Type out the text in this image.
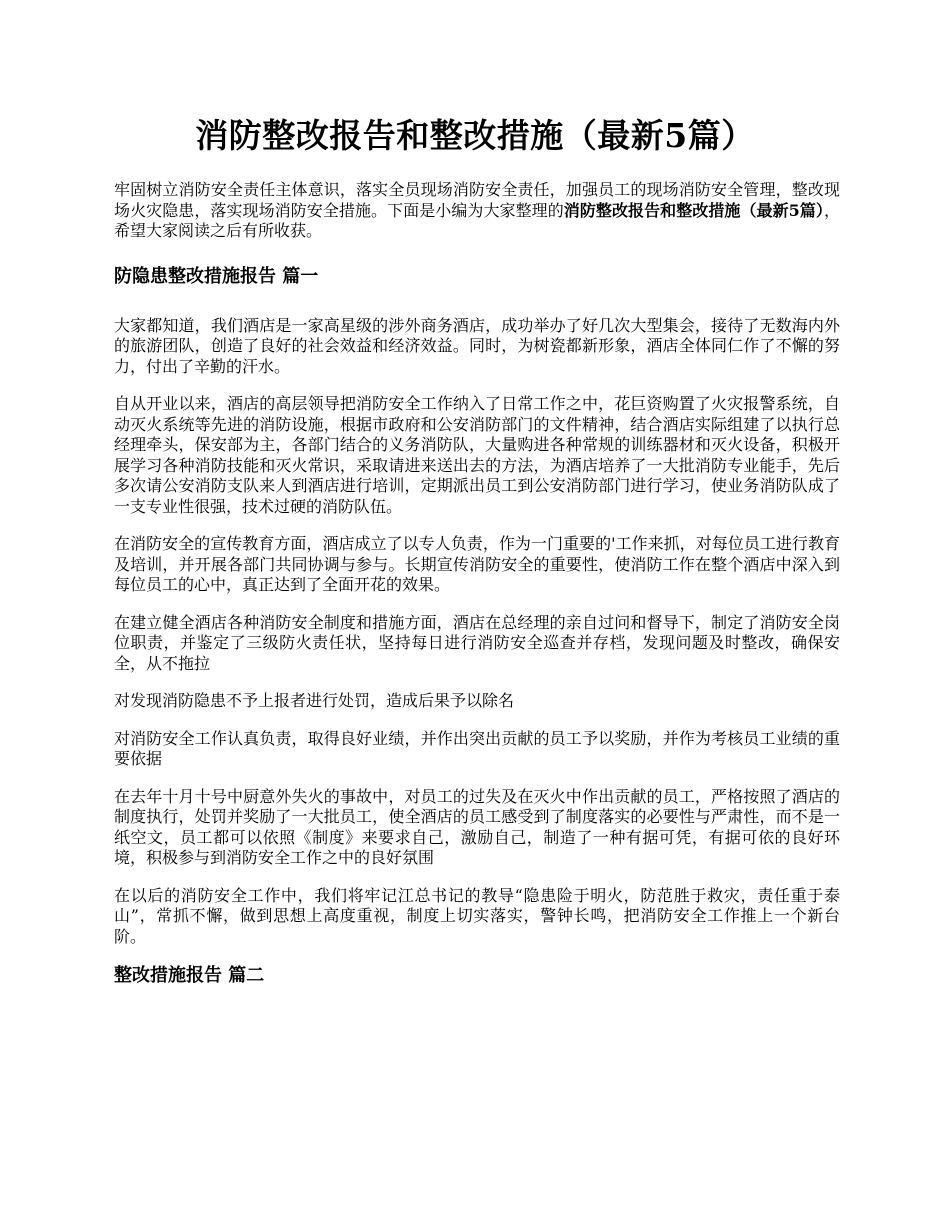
消防整改报告和整改措施（最新5篇）

牢固树立消防安全责任主体意识，落实全员现场消防安全责任，加强员工的现场消防安全管理，整改现场火灾隐患，落实现场消防安全措施。下面是小编为大家整理的消防整改报告和整改措施（最新5篇），希望大家阅读之后有所收获。

防隐患整改措施报告 篇一

大家都知道，我们酒店是一家高星级的涉外商务酒店，成功举办了好几次大型集会，接待了无数海内外的旅游团队，创造了良好的社会效益和经济效益。同时，为树瓷都新形象，酒店全体同仁作了不懈的努力，付出了辛勤的汗水。

自从开业以来，酒店的高层领导把消防安全工作纳入了日常工作之中，花巨资购置了火灾报警系统，自动灭火系统等先进的消防设施，根据市政府和公安消防部门的文件精神，结合酒店实际组建了以执行总经理牵头，保安部为主，各部门结合的义务消防队，大量购进各种常规的训练器材和灭火设备，积极开展学习各种消防技能和灭火常识，采取请进来送出去的方法，为酒店培养了一大批消防专业能手，先后多次请公安消防支队来人到酒店进行培训，定期派出员工到公安消防部门进行学习，使业务消防队成了一支专业性很强，技术过硬的消防队伍。

在消防安全的宣传教育方面，酒店成立了以专人负责，作为一门重要的'工作来抓，对每位员工进行教育及培训，并开展各部门共同协调与参与。长期宣传消防安全的重要性，使消防工作在整个酒店中深入到每位员工的心中，真正达到了全面开花的效果。

在建立健全酒店各种消防安全制度和措施方面，酒店在总经理的亲自过问和督导下，制定了消防安全岗位职责，并鉴定了三级防火责任状，坚持每日进行消防安全巡查并存档，发现问题及时整改，确保安全，从不拖拉

对发现消防隐患不予上报者进行处罚，造成后果予以除名

对消防安全工作认真负责，取得良好业绩，并作出突出贡献的员工予以奖励，并作为考核员工业绩的重要依据

在去年十月十号中厨意外失火的事故中，对员工的过失及在灭火中作出贡献的员工，严格按照了酒店的制度执行，处罚并奖励了一大批员工，使全酒店的员工感受到了制度落实的必要性与严肃性，而不是一纸空文，员工都可以依照《制度》来要求自己，激励自己，制造了一种有据可凭，有据可依的良好环境，积极参与到消防安全工作之中的良好氛围

在以后的消防安全工作中，我们将牢记江总书记的教导“隐患险于明火，防范胜于救灾，责任重于泰山”，常抓不懈，做到思想上高度重视，制度上切实落实，警钟长鸣，把消防安全工作推上一个新台阶。

整改措施报告 篇二
